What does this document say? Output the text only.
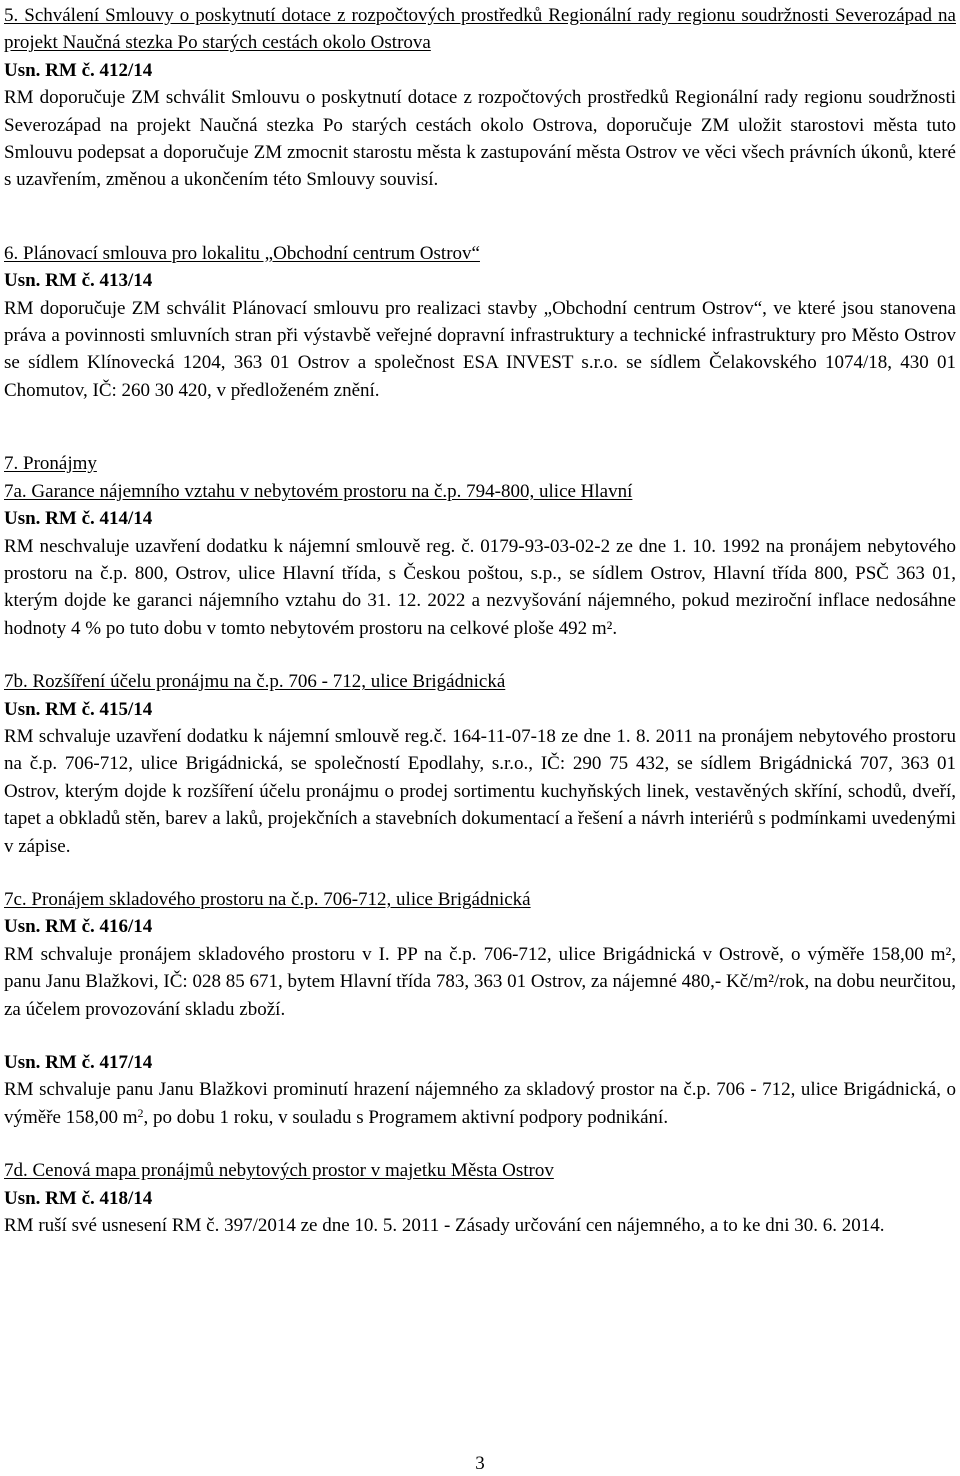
5. Schválení Smlouvy o poskytnutí dotace z rozpočtových prostředků Regionální rady regionu soudržnosti Severozápad na projekt Naučná stezka Po starých cestách okolo Ostrova

Usn. RM č. 412/14

RM doporučuje ZM schválit Smlouvu o poskytnutí dotace z rozpočtových prostředků Regionální rady regionu soudržnosti Severozápad na projekt Naučná stezka Po starých cestách okolo Ostrova, doporučuje ZM uložit starostovi města tuto Smlouvu podepsat a doporučuje ZM zmocnit starostu města k zastupování města Ostrov ve věci všech právních úkonů, které s uzavřením, změnou a ukončením této Smlouvy souvisí.

6. Plánovací smlouva pro lokalitu „Obchodní centrum Ostrov“

Usn. RM č. 413/14

RM doporučuje ZM schválit Plánovací smlouvu pro realizaci stavby „Obchodní centrum Ostrov“, ve které jsou stanovena práva a povinnosti smluvních stran při výstavbě veřejné dopravní infrastruktury a technické infrastruktury pro Město Ostrov se sídlem Klínovecká 1204, 363 01 Ostrov a společnost ESA INVEST s.r.o. se sídlem Čelakovského 1074/18, 430 01 Chomutov, IČ: 260 30 420, v předloženém znění.

7. Pronájmy

7a. Garance nájemního vztahu v nebytovém prostoru na č.p. 794-800, ulice Hlavní

Usn. RM č. 414/14

RM neschvaluje uzavření dodatku k nájemní smlouvě reg. č. 0179-93-03-02-2 ze dne 1. 10. 1992 na pronájem nebytového prostoru na č.p. 800, Ostrov, ulice Hlavní třída, s Českou poštou, s.p., se sídlem Ostrov, Hlavní třída 800, PSČ 363 01, kterým dojde ke garanci nájemního vztahu do 31. 12. 2022 a nezvyšování nájemného, pokud meziroční inflace nedosáhne hodnoty 4 % po tuto dobu v tomto nebytovém prostoru na celkové ploše 492 m².

7b. Rozšíření účelu pronájmu na č.p. 706 - 712, ulice Brigádnická

Usn. RM č. 415/14

RM schvaluje uzavření dodatku k nájemní smlouvě reg.č. 164-11-07-18 ze dne 1. 8. 2011 na pronájem nebytového prostoru na č.p. 706-712, ulice Brigádnická, se společností Epodlahy, s.r.o., IČ: 290 75 432, se sídlem Brigádnická 707, 363 01 Ostrov, kterým dojde k rozšíření účelu pronájmu o prodej sortimentu kuchyňských linek, vestavěných skříní, schodů, dveří, tapet a obkladů stěn, barev a laků, projekčních a stavebních dokumentací a řešení a návrh interiérů s podmínkami uvedenými v zápise.

7c. Pronájem skladového prostoru na č.p. 706-712, ulice Brigádnická

Usn. RM č. 416/14

RM schvaluje pronájem skladového prostoru v I. PP na č.p. 706-712, ulice Brigádnická v Ostrově, o výměře 158,00 m², panu Janu Blažkovi, IČ: 028 85 671, bytem Hlavní třída 783, 363 01 Ostrov, za nájemné 480,- Kč/m²/rok, na dobu neurčitou, za účelem provozování skladu zboží.

Usn. RM č. 417/14

RM schvaluje panu Janu Blažkovi prominutí hrazení nájemného za skladový prostor na č.p. 706 - 712, ulice Brigádnická, o výměře 158,00 $m^2$, po dobu 1 roku, v souladu s Programem aktivní podpory podnikání.

7d. Cenová mapa pronájmů nebytových prostor v majetku Města Ostrov

Usn. RM č. 418/14

RM ruší své usnesení RM č. 397/2014 ze dne 10. 5. 2011 - Zásady určování cen nájemného, a to ke dni 30. 6. 2014.

3
